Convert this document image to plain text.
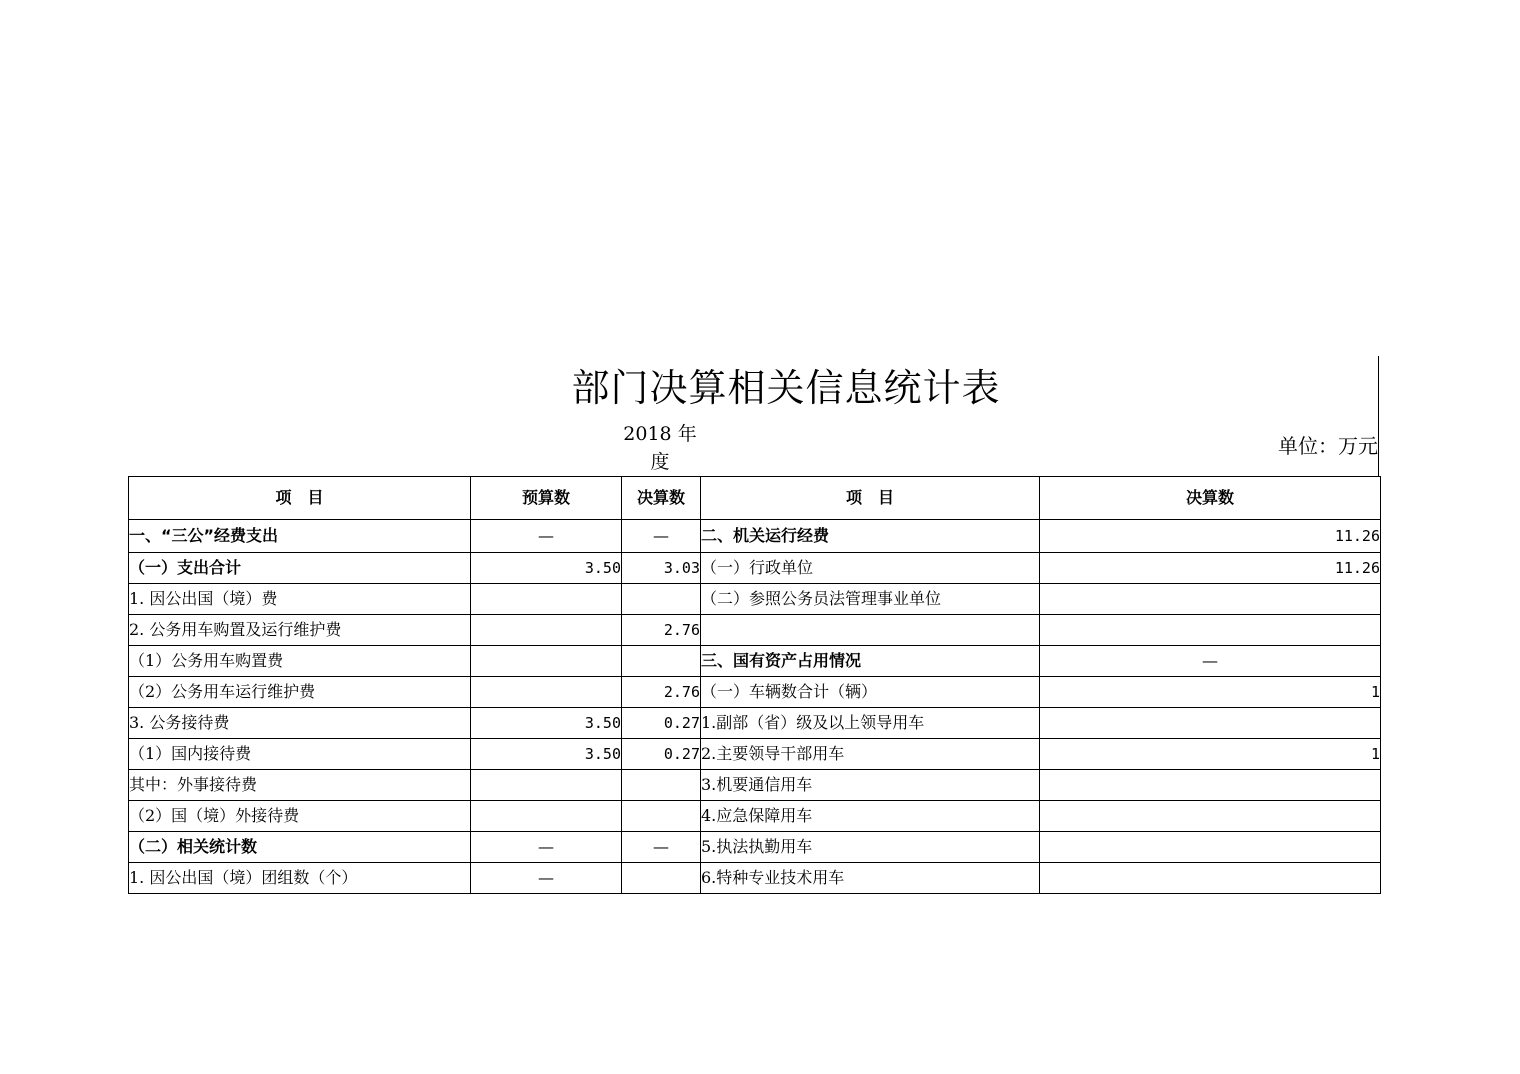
部门决算相关信息统计表
2018 年
度
单位：万元
项　目	预算数	决算数	项　目	决算数
一、“三公”经费支出	—	—	二、机关运行经费	11.26
（一）支出合计	3.50	3.03	（一）行政单位	11.26
1. 因公出国（境）费			（二）参照公务员法管理事业单位	
2. 公务用车购置及运行维护费		2.76		
（1）公务用车购置费			三、国有资产占用情况	—
（2）公务用车运行维护费		2.76	（一）车辆数合计（辆）	1
3. 公务接待费	3.50	0.27	1.副部（省）级及以上领导用车	
（1）国内接待费	3.50	0.27	2.主要领导干部用车	1
其中：外事接待费			3.机要通信用车	
（2）国（境）外接待费			4.应急保障用车	
（二）相关统计数	—	—	5.执法执勤用车	
1. 因公出国（境）团组数（个）	—		6.特种专业技术用车	
